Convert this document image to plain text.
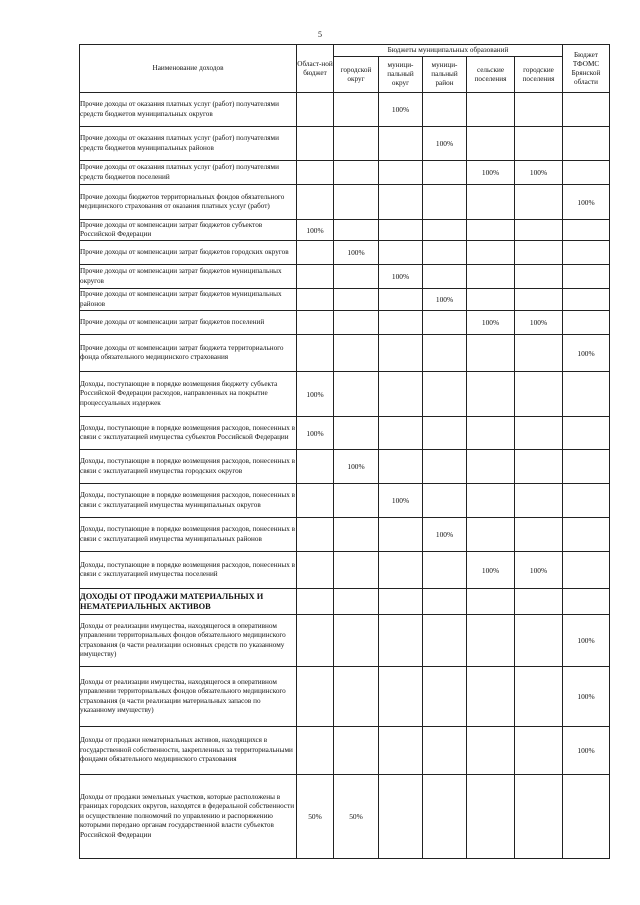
5
Наименование доходов	Област-ной бюджет	Бюджеты муниципальных образований					Бюджет ТФОМС Брянской области
		городской округ	муници-пальный округ	муници-пальный район	сельские поселения	городские поселения	
Прочие доходы от оказания платных услуг (работ) получателями средств бюджетов муниципальных округов			100%				
Прочие доходы от оказания платных услуг (работ) получателями средств бюджетов муниципальных районов				100%			
Прочие доходы от оказания платных услуг (работ) получателями средств бюджетов поселений					100%	100%	
Прочие доходы бюджетов территориальных фондов обязательного медицинского страхования от оказания платных услуг (работ)							100%
Прочие доходы от компенсации затрат бюджетов субъектов Российской Федерации	100%						
Прочие доходы от компенсации затрат бюджетов городских округов		100%					
Прочие доходы от компенсации затрат бюджетов муниципальных округов			100%				
Прочие доходы от компенсации затрат бюджетов муниципальных районов				100%			
Прочие доходы от компенсации затрат бюджетов поселений					100%	100%	
Прочие доходы от компенсации затрат бюджета территориального фонда обязательного медицинского страхования							100%
Доходы, поступающие в порядке возмещения бюджету субъекта Российской Федерации расходов, направленных на покрытие процессуальных издержек	100%						
Доходы, поступающие в порядке возмещения расходов, понесенных в связи с эксплуатацией имущества субъектов Российской Федерации	100%						
Доходы, поступающие в порядке возмещения расходов, понесенных в связи с эксплуатацией имущества городских округов		100%					
Доходы, поступающие в порядке возмещения расходов, понесенных в связи с эксплуатацией имущества муниципальных округов			100%				
Доходы, поступающие в порядке возмещения расходов, понесенных в связи с эксплуатацией имущества муниципальных районов				100%			
Доходы, поступающие в порядке возмещения расходов, понесенных в связи с эксплуатацией имущества поселений					100%	100%	
ДОХОДЫ ОТ ПРОДАЖИ МАТЕРИАЛЬНЫХ И НЕМАТЕРИАЛЬНЫХ АКТИВОВ							
Доходы от реализации имущества, находящегося в оперативном управлении территориальных фондов обязательного медицинского страхования (в части реализации основных средств по указанному имуществу)							100%
Доходы от реализации имущества, находящегося в оперативном управлении территориальных фондов обязательного медицинского страхования (в части реализации материальных запасов по указанному имуществу)							100%
Доходы от продажи нематериальных активов, находящихся в государственной собственности, закрепленных за территориальными фондами обязательного медицинского страхования							100%
Доходы от продажи земельных участков, которые расположены в границах городских округов, находятся в федеральной собственности и осуществление полномочий по управлению и распоряжению которыми передано органам государственной власти субъектов Российской Федерации	50%	50%					
